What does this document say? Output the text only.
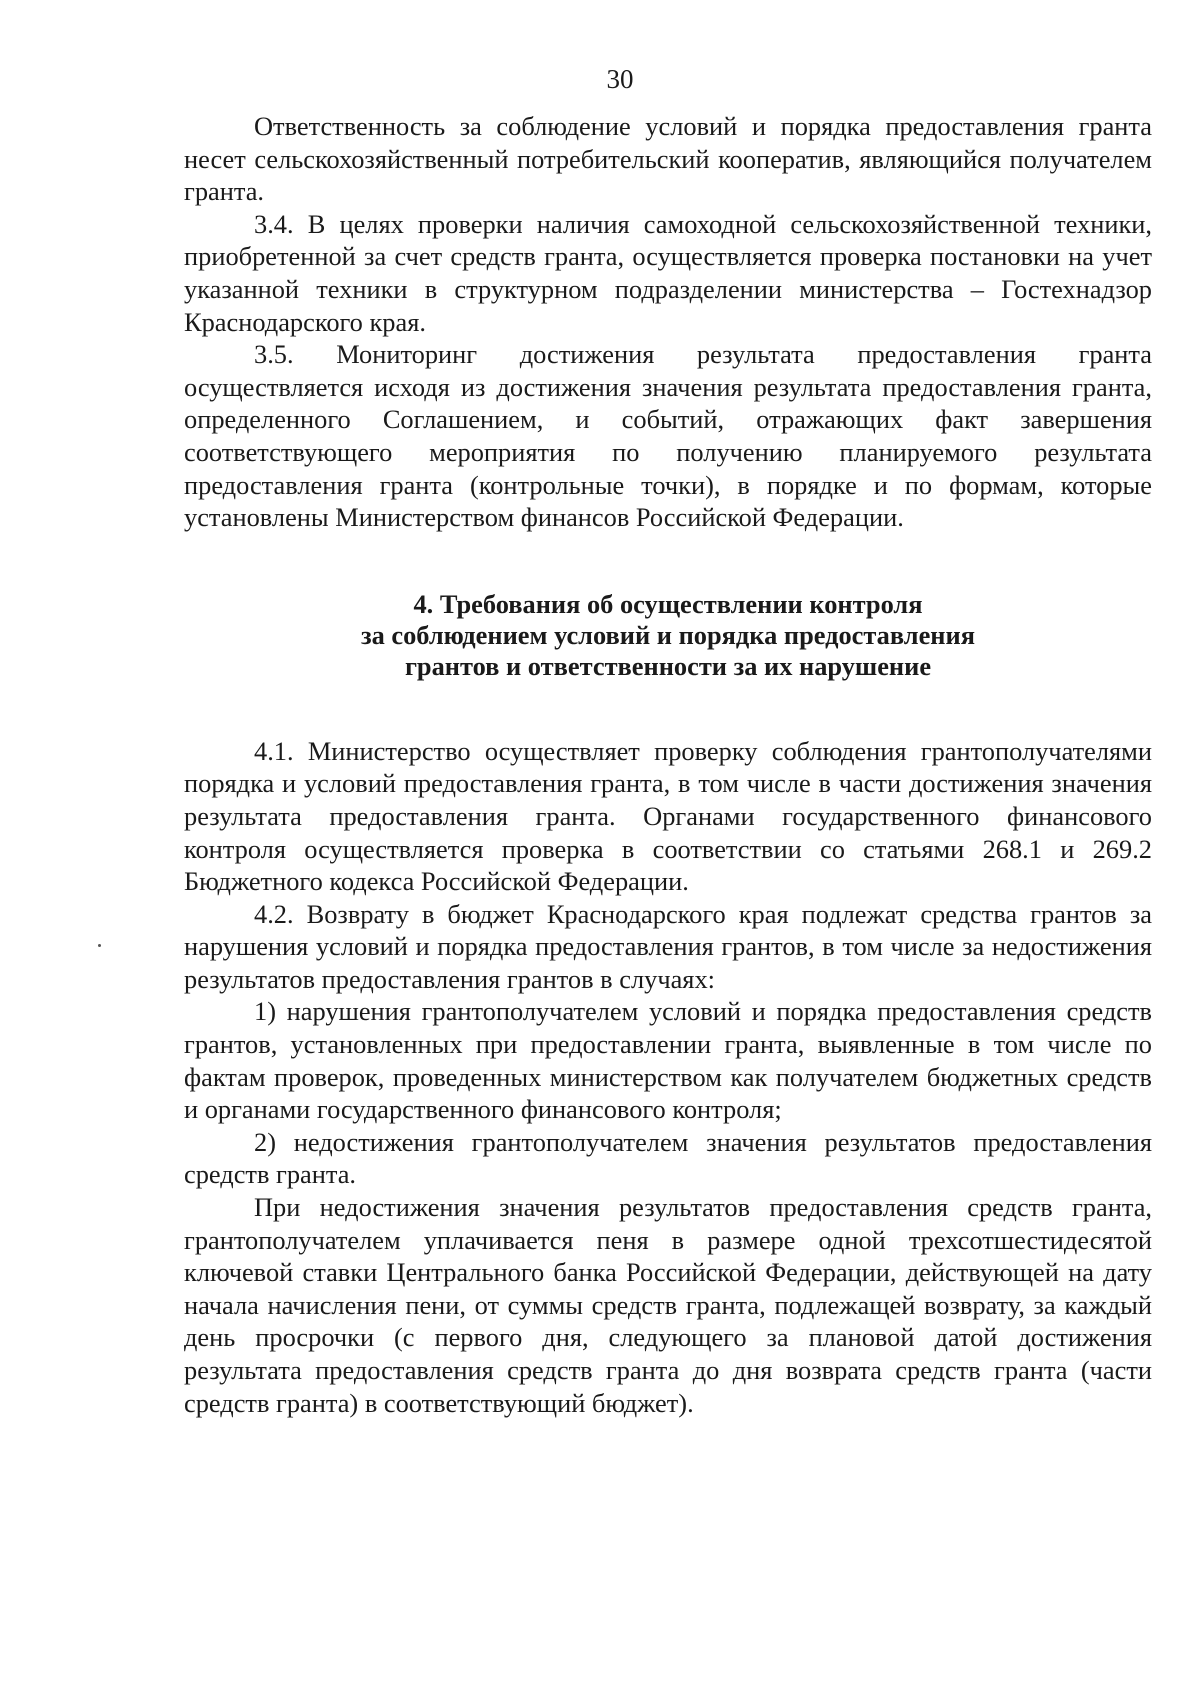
30

Ответственность за соблюдение условий и порядка предоставления гранта несет сельскохозяйственный потребительский кооператив, являющийся получателем гранта.

3.4. В целях проверки наличия самоходной сельскохозяйственной техники, приобретенной за счет средств гранта, осуществляется проверка постановки на учет указанной техники в структурном подразделении министерства – Гостехнадзор Краснодарского края.

3.5. Мониторинг достижения результата предоставления гранта осуществляется исходя из достижения значения результата предоставления гранта, определенного Соглашением, и событий, отражающих факт завершения соответствующего мероприятия по получению планируемого результата предоставления гранта (контрольные точки), в порядке и по формам, которые установлены Министерством финансов Российской Федерации.

4. Требования об осуществлении контроля
за соблюдением условий и порядка предоставления
грантов и ответственности за их нарушение

4.1. Министерство осуществляет проверку соблюдения грантополучателями порядка и условий предоставления гранта, в том числе в части достижения значения результата предоставления гранта. Органами государственного финансового контроля осуществляется проверка в соответствии со статьями 268.1 и 269.2 Бюджетного кодекса Российской Федерации.

4.2. Возврату в бюджет Краснодарского края подлежат средства грантов за нарушения условий и порядка предоставления грантов, в том числе за недостижения результатов предоставления грантов в случаях:

1) нарушения грантополучателем условий и порядка предоставления средств грантов, установленных при предоставлении гранта, выявленные в том числе по фактам проверок, проведенных министерством как получателем бюджетных средств и органами государственного финансового контроля;

2) недостижения грантополучателем значения результатов предоставления средств гранта.

При недостижения значения результатов предоставления средств гранта, грантополучателем уплачивается пеня в размере одной трехсотшестидесятой ключевой ставки Центрального банка Российской Федерации, действующей на дату начала начисления пени, от суммы средств гранта, подлежащей возврату, за каждый день просрочки (с первого дня, следующего за плановой датой достижения результата предоставления средств гранта до дня возврата средств гранта (части средств гранта) в соответствующий бюджет).
